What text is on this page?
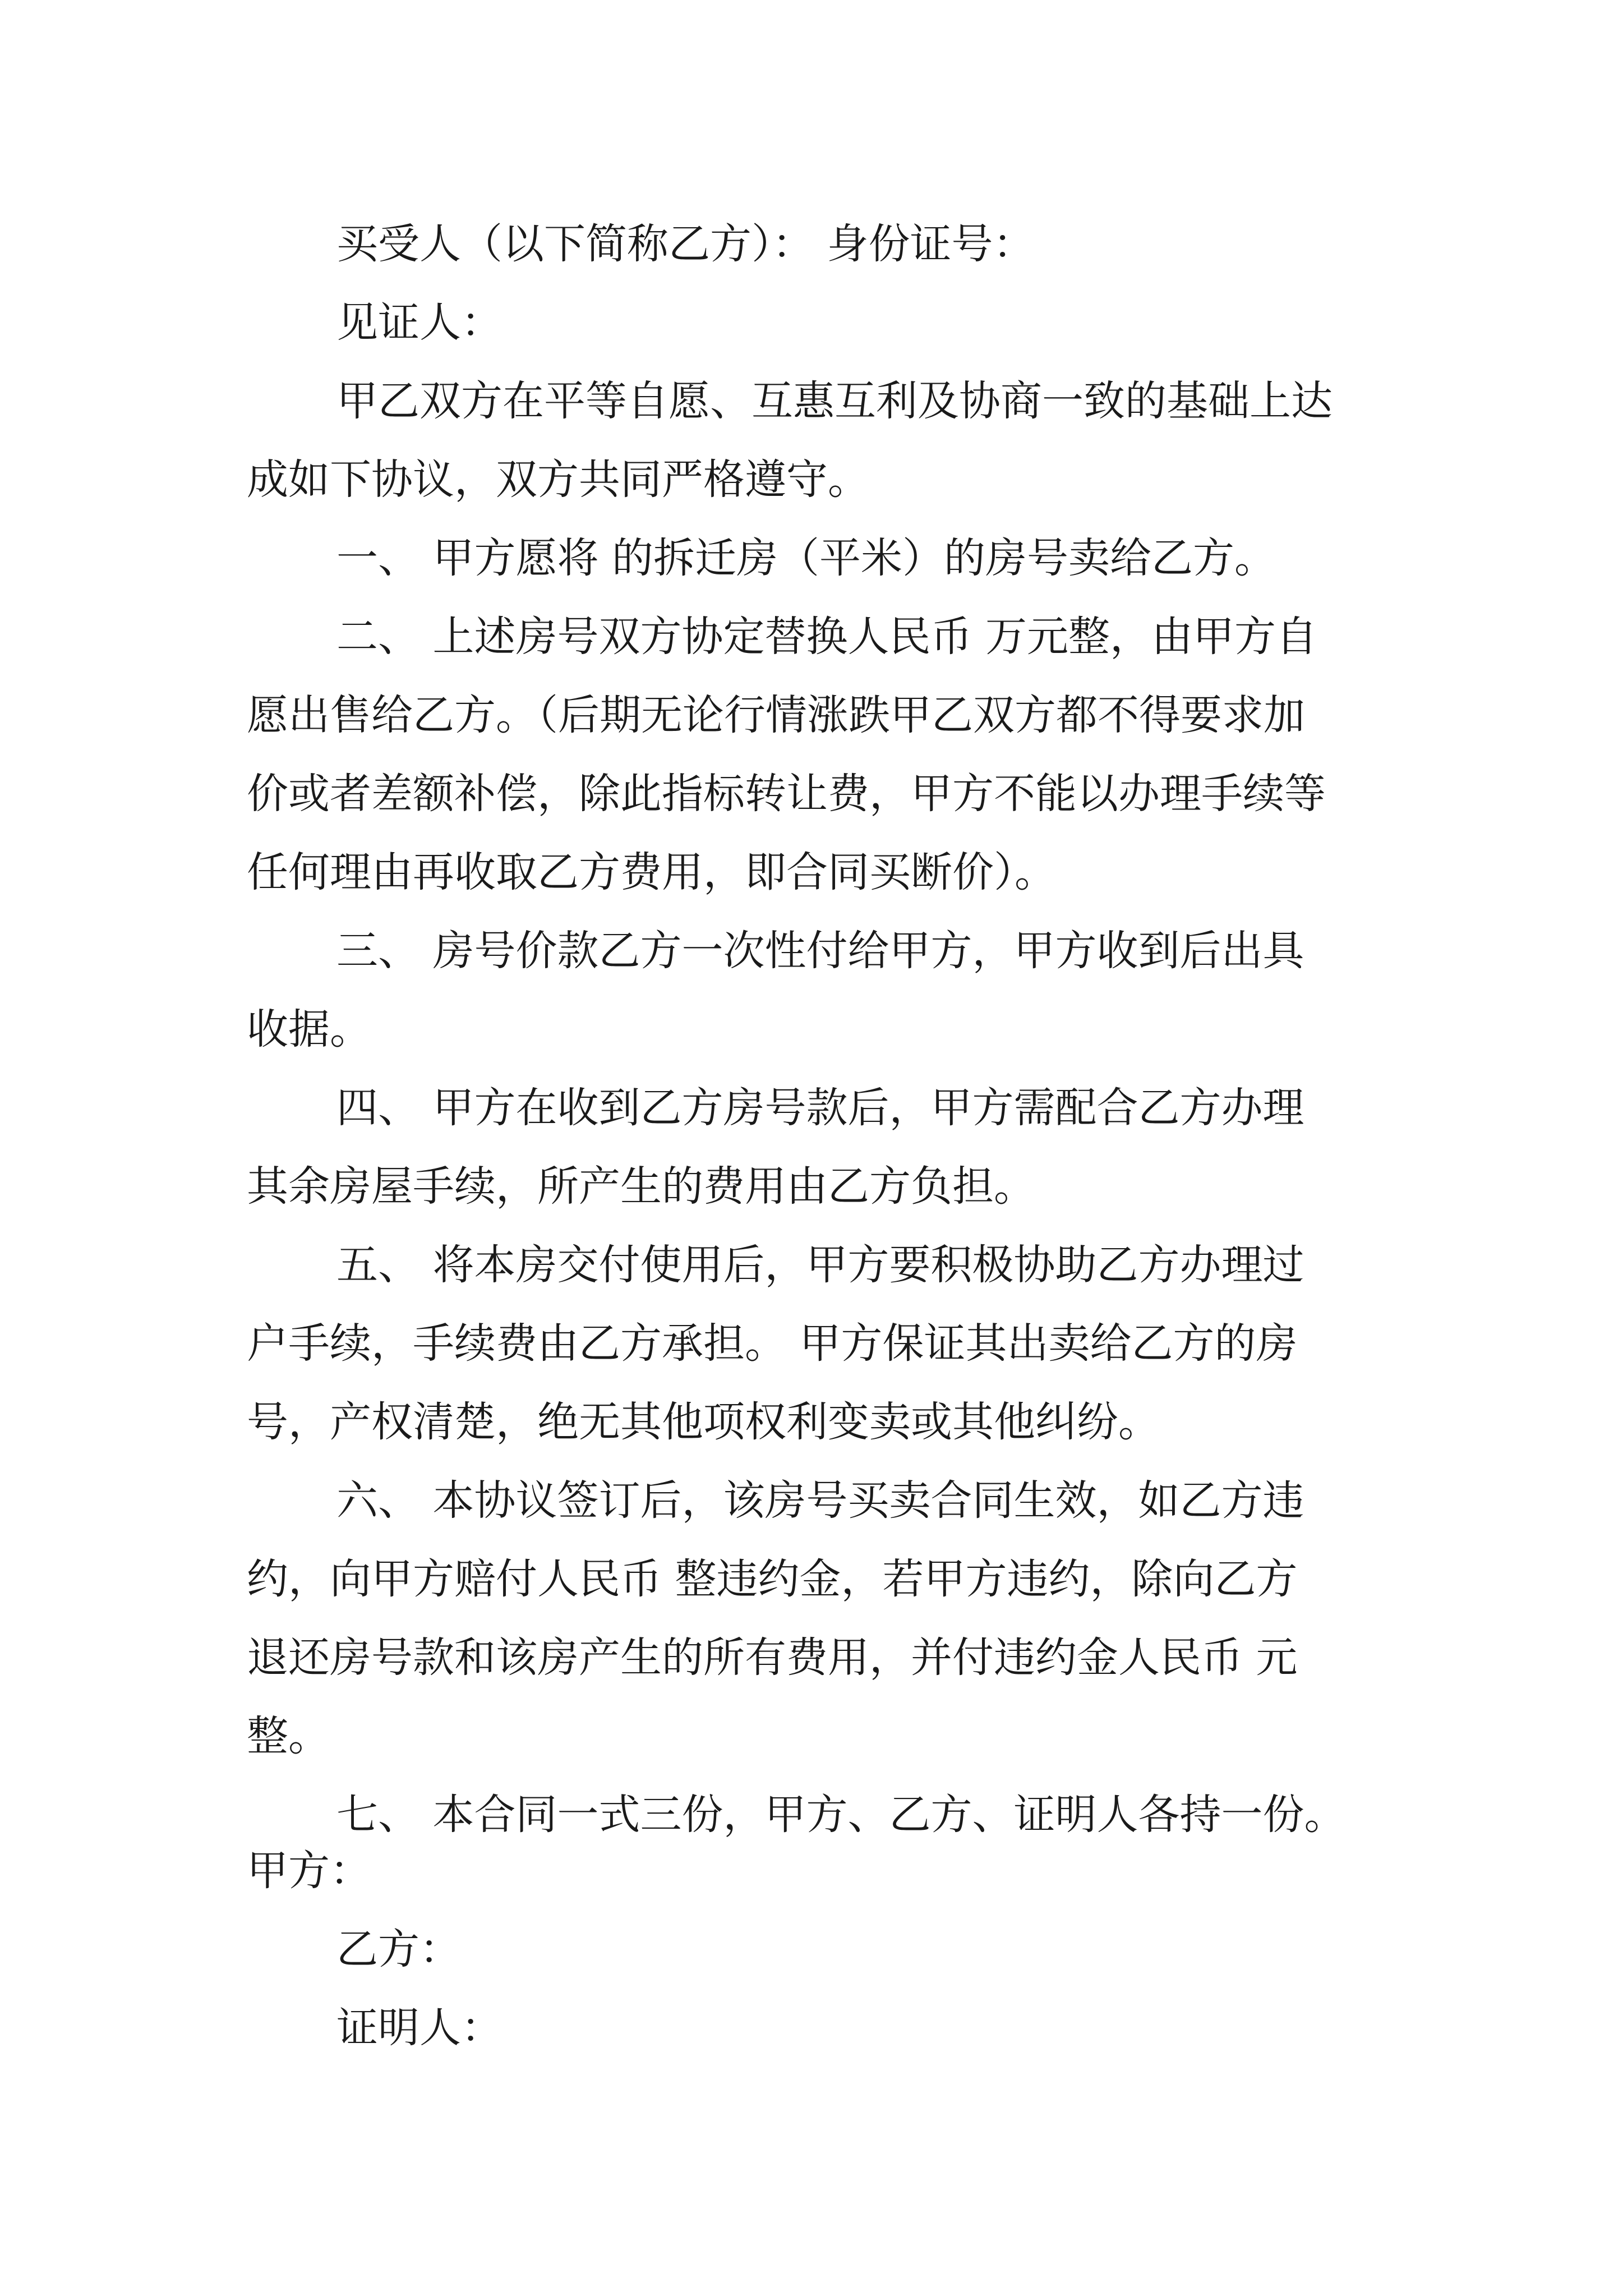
买受人（以下简称乙方）： 身份证号：
见证人：
甲乙双方在平等自愿、互惠互利及协商一致的基础上达
成如下协议，双方共同严格遵守。
一、 甲方愿将 的拆迁房（平米）的房号卖给乙方。
二、 上述房号双方协定替换人民币 万元整，由甲方自
愿出售给乙方。（后期无论行情涨跌甲乙双方都不得要求加
价或者差额补偿，除此指标转让费，甲方不能以办理手续等
任何理由再收取乙方费用，即合同买断价）。
三、 房号价款乙方一次性付给甲方，甲方收到后出具
收据。
四、 甲方在收到乙方房号款后，甲方需配合乙方办理
其余房屋手续，所产生的费用由乙方负担。
五、 将本房交付使用后，甲方要积极协助乙方办理过
户手续，手续费由乙方承担。 甲方保证其出卖给乙方的房
号，产权清楚，绝无其他项权利变卖或其他纠纷。
六、 本协议签订后，该房号买卖合同生效，如乙方违
约，向甲方赔付人民币 整违约金，若甲方违约，除向乙方
退还房号款和该房产生的所有费用，并付违约金人民币 元
整。
七、 本合同一式三份，甲方、乙方、证明人各持一份。
甲方：
乙方：
证明人：
